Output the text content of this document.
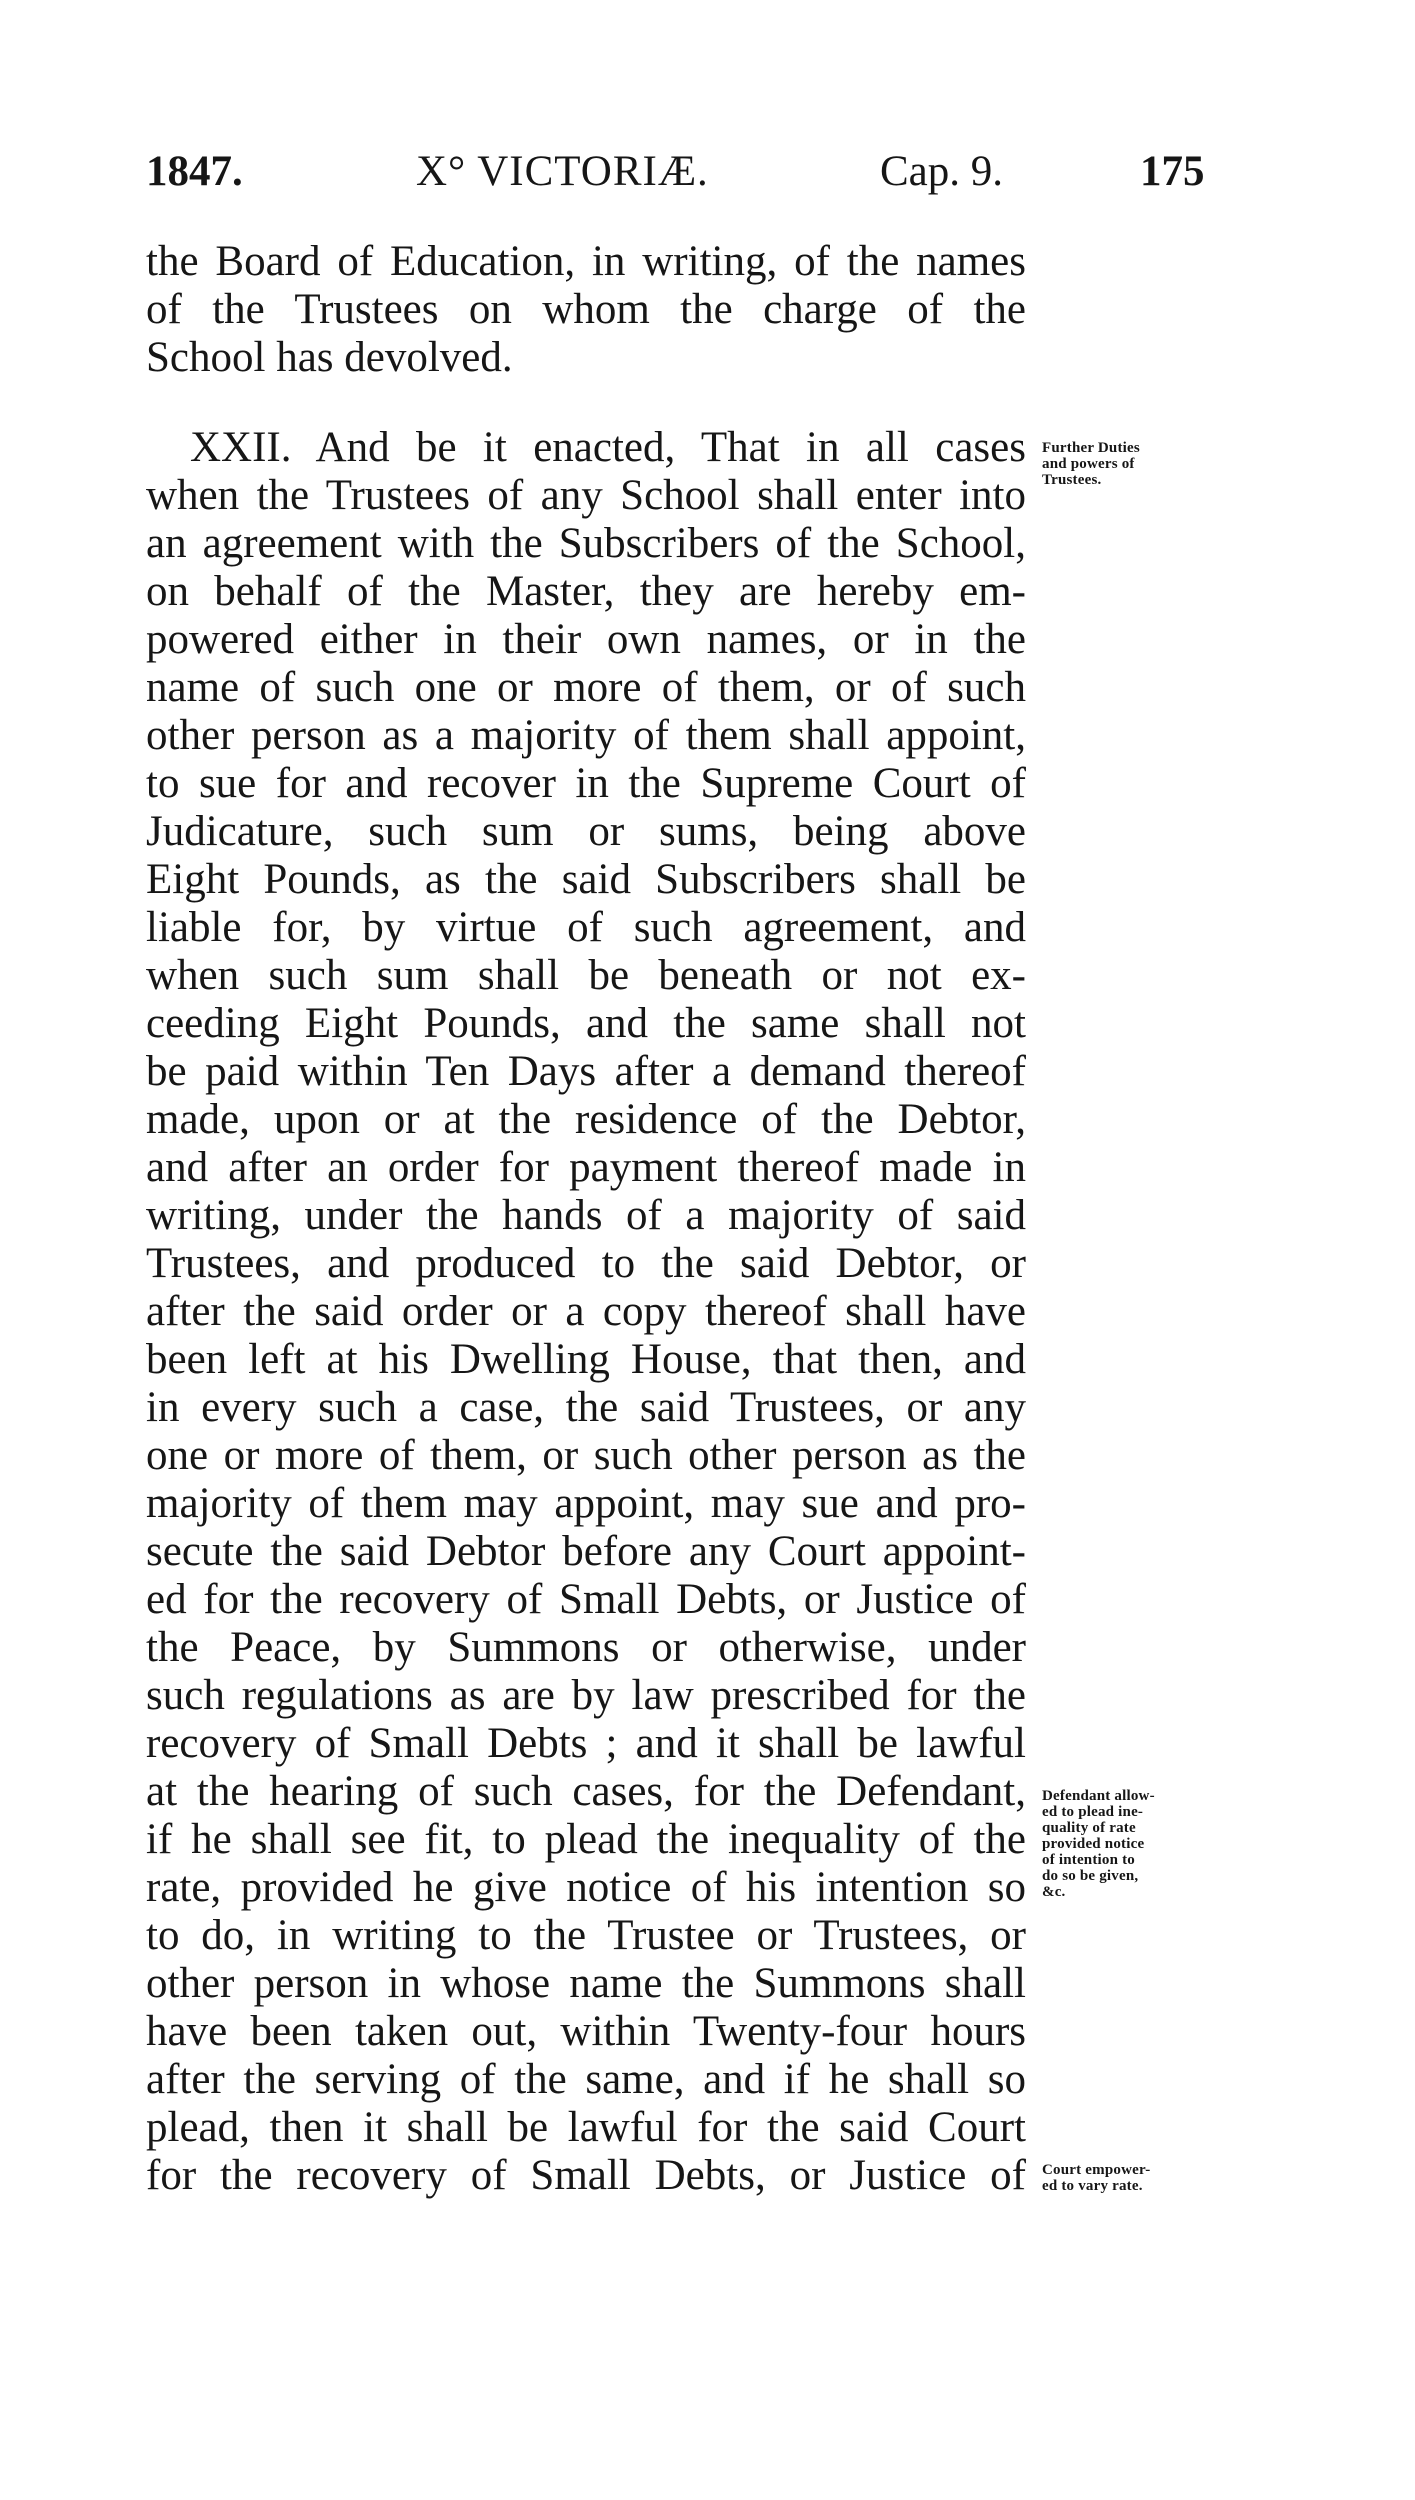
1847.	X° VICTORIÆ.	Cap. 9.	175
the Board of Education, in writing, of the names
of the Trustees on whom the charge of the
School has devolved.
XXII. And be it enacted, That in all cases
when the Trustees of any School shall enter into
an agreement with the Subscribers of the School,
on behalf of the Master, they are hereby em-
powered either in their own names, or in the
name of such one or more of them, or of such
other person as a majority of them shall appoint,
to sue for and recover in the Supreme Court of
Judicature, such sum or sums, being above
Eight Pounds, as the said Subscribers shall be
liable for, by virtue of such agreement, and
when such sum shall be beneath or not ex-
ceeding Eight Pounds, and the same shall not
be paid within Ten Days after a demand thereof
made, upon or at the residence of the Debtor,
and after an order for payment thereof made in
writing, under the hands of a majority of said
Trustees, and produced to the said Debtor, or
after the said order or a copy thereof shall have
been left at his Dwelling House, that then, and
in every such a case, the said Trustees, or any
one or more of them, or such other person as the
majority of them may appoint, may sue and pro-
secute the said Debtor before any Court appoint-
ed for the recovery of Small Debts, or Justice of
the Peace, by Summons or otherwise, under
such regulations as are by law prescribed for the
recovery of Small Debts ; and it shall be lawful
at the hearing of such cases, for the Defendant,
if he shall see fit, to plead the inequality of the
rate, provided he give notice of his intention so
to do, in writing to the Trustee or Trustees, or
other person in whose name the Summons shall
have been taken out, within Twenty-four hours
after the serving of the same, and if he shall so
plead, then it shall be lawful for the said Court
for the recovery of Small Debts, or Justice of
Further Duties
and powers of
Trustees.
Defendant allow-
ed to plead ine-
quality of rate
provided notice
of intention to
do so be given,
&c.
Court empower-
ed to vary rate.
